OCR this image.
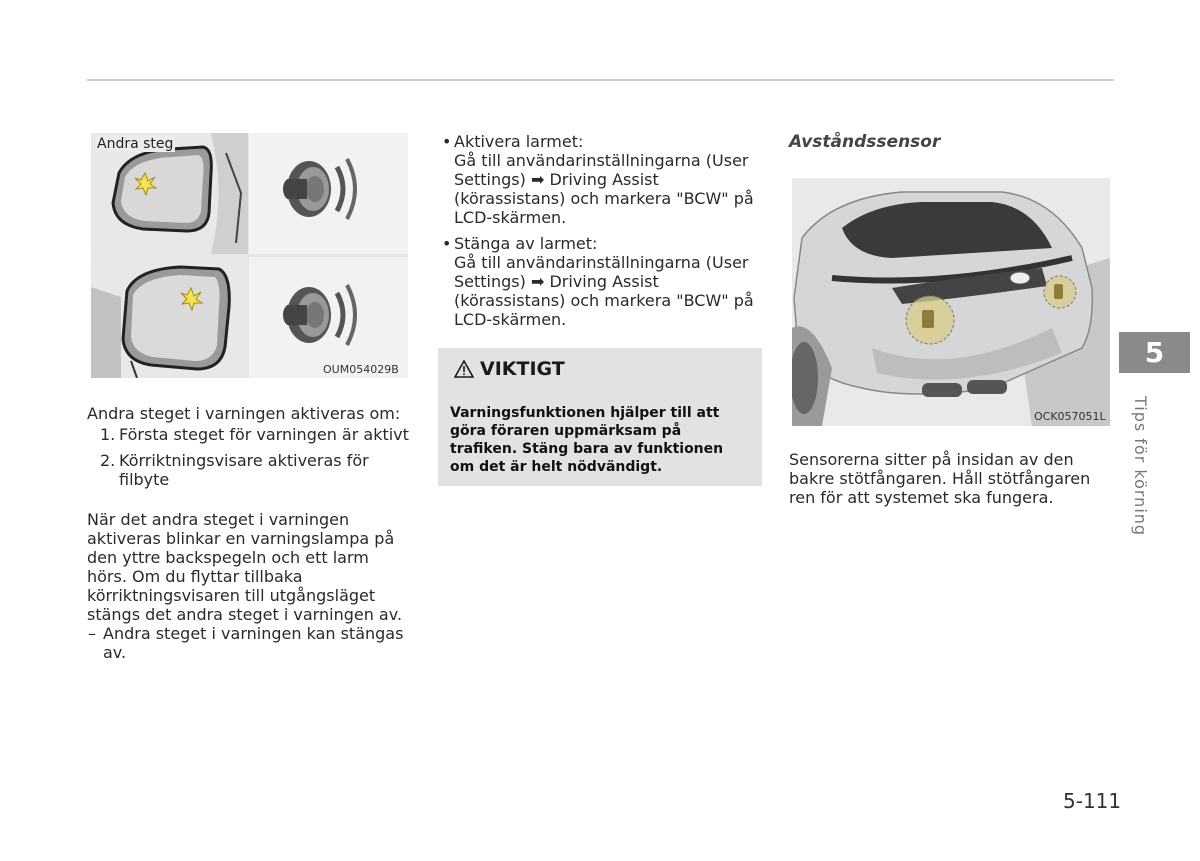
Andra steg
OUM054029B

Andra steget i varningen aktiveras om:

1. Första steget för varningen är aktivt
2. Körriktningsvisare aktiveras för filbyte

När det andra steget i varningen aktiveras blinkar en varningslampa på den yttre backspegeln och ett larm hörs. Om du flyttar tillbaka körriktningsvisaren till utgångsläget stängs det andra steget i varningen av.

– Andra steget i varningen kan stängas av.
• Aktivera larmet:

Gå till användarinställningarna (User Settings) ➡ Driving Assist (körassistans) och markera "BCW" på LCD-skärmen.

• Stänga av larmet:

Gå till användarinställningarna (User Settings) ➡ Driving Assist (körassistans) och markera "BCW" på LCD-skärmen.

VIKTIGT
Varningsfunktionen hjälper till att göra föraren uppmärksam på trafiken. Stäng bara av funktionen om det är helt nödvändigt.
Avståndssensor
OCK057051L
Sensorerna sitter på insidan av den bakre stötfångaren. Håll stötfångaren ren för att systemet ska fungera.
5
Tips för körning
5-111
